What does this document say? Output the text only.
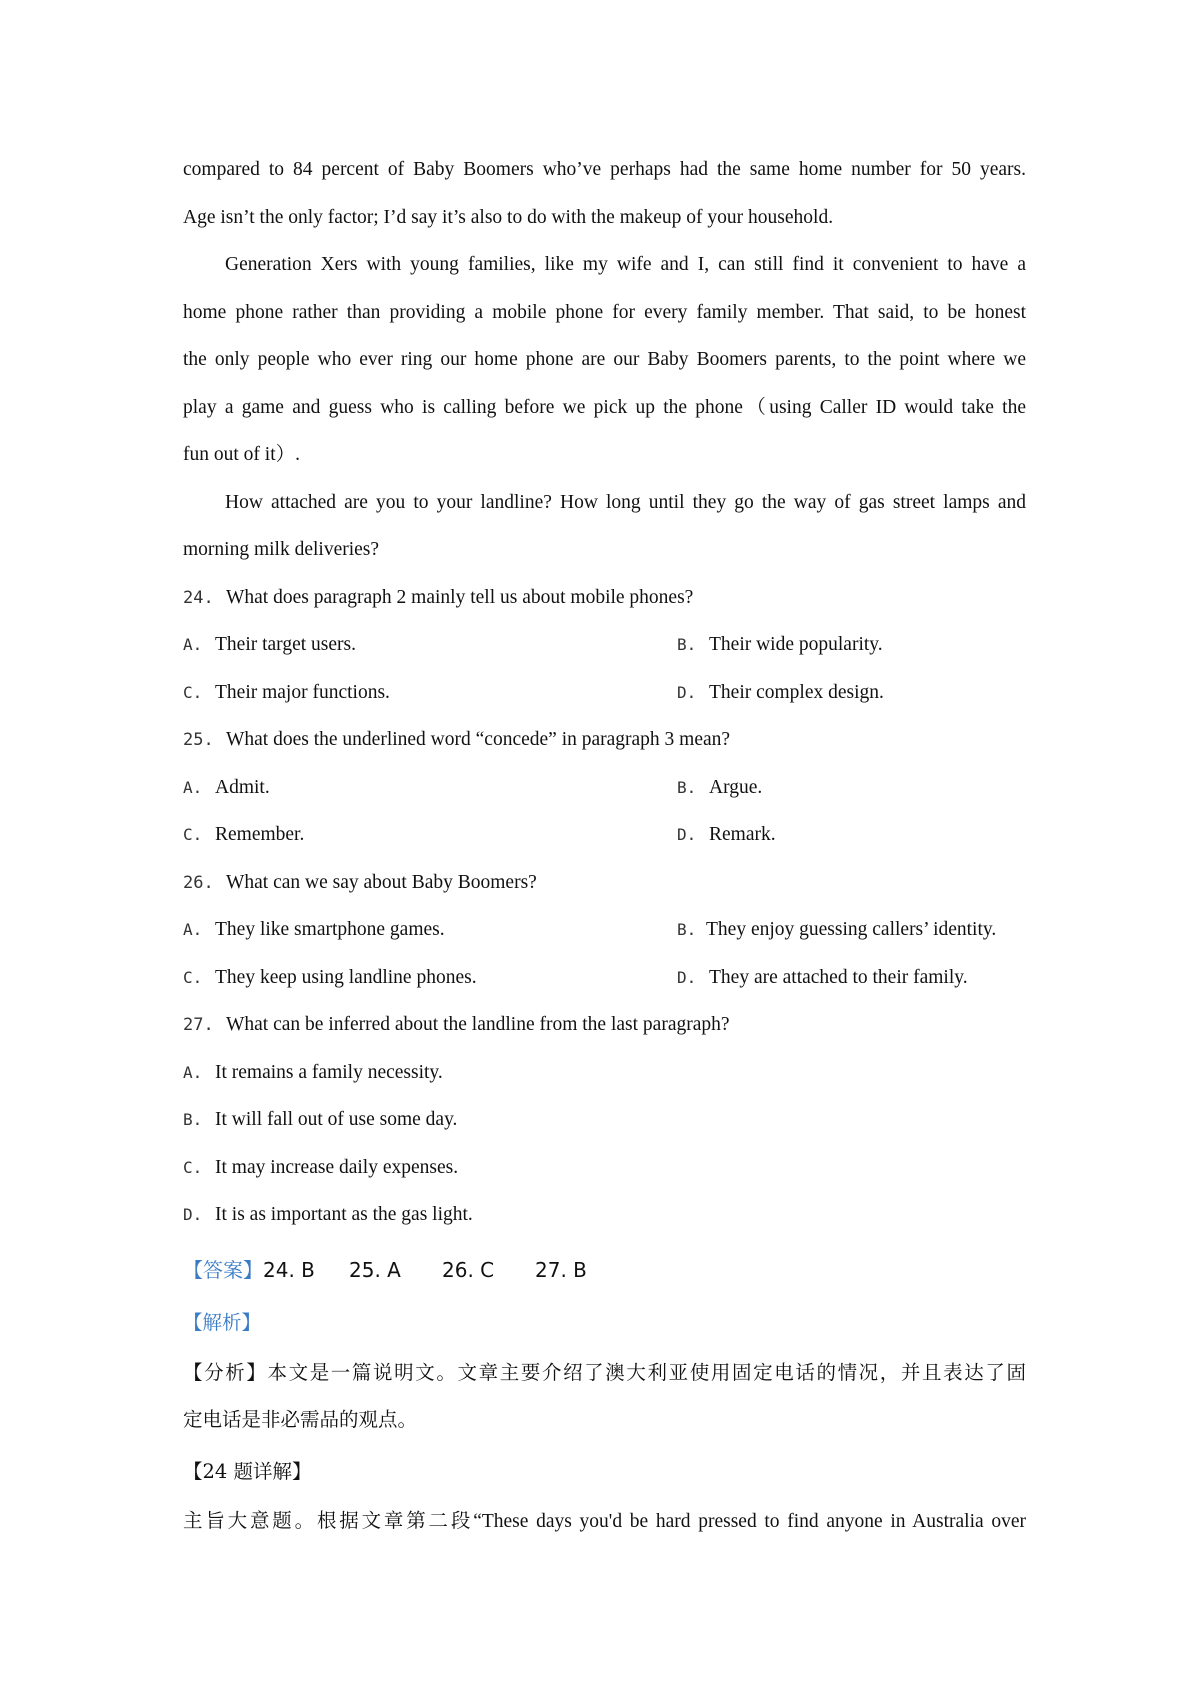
compared to 84 percent of Baby Boomers who’ve perhaps had the same home number for 50 years.
Age isn’t the only factor; I’d say it’s also to do with the makeup of your household.
Generation Xers with young families, like my wife and I, can still find it convenient to have a
home phone rather than providing a mobile phone for every family member. That said, to be honest
the only people who ever ring our home phone are our Baby Boomers parents, to the point where we
play a game and guess who is calling before we pick up the phone（using Caller ID would take the
fun out of it）.
How attached are you to your landline? How long until they go the way of gas street lamps and
morning milk deliveries?
24. What does paragraph 2 mainly tell us about mobile phones?
A. Their target users.	B. Their wide popularity.
C. Their major functions.	D. Their complex design.
25. What does the underlined word “concede” in paragraph 3 mean?
A. Admit.	B. Argue.
C. Remember.	D. Remark.
26. What can we say about Baby Boomers?
A. They like smartphone games.	B. They enjoy guessing callers’ identity.
C. They keep using landline phones.	D. They are attached to their family.
27. What can be inferred about the landline from the last paragraph?
A. It remains a family necessity.
B. It will fall out of use some day.
C. It may increase daily expenses.
D. It is as important as the gas light.
【答案】24. B 25. A 26. C 27. B
【解析】
【分析】本文是一篇说明文。文章主要介绍了澳大利亚使用固定电话的情况，并且表达了固
定电话是非必需品的观点。
【24 题详解】
主旨大意题。根据文章第二段“These days you'd be hard pressed to find anyone in Australia over
